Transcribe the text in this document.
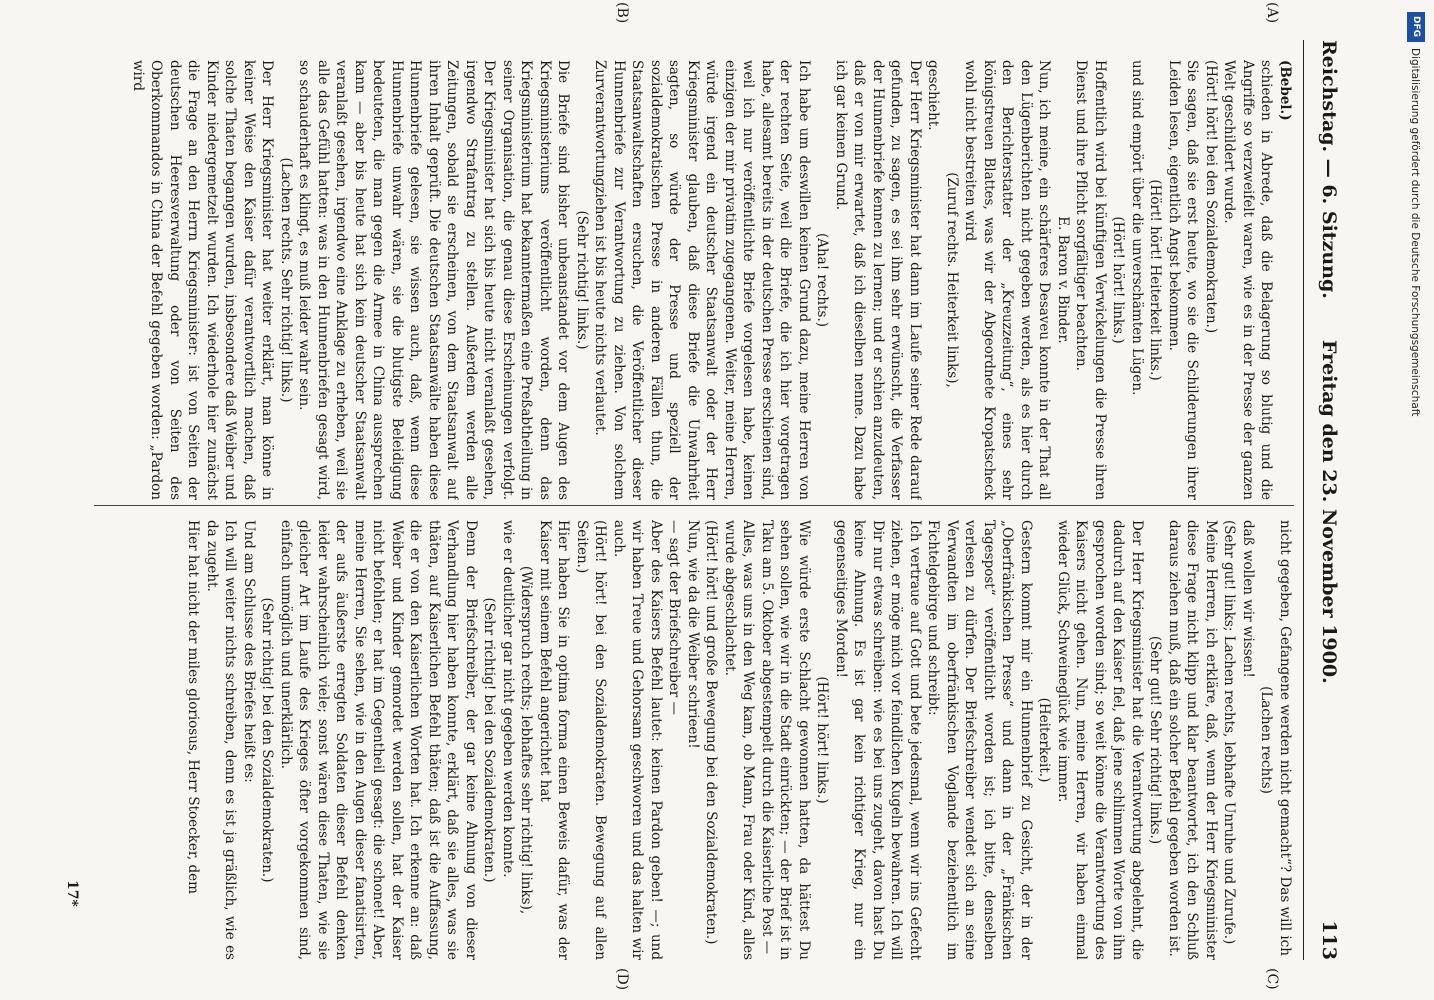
Reichstag. — 6. Sitzung.
Freitag den 23. November 1900.
113
(A)
(B)
(C)
(D)

(Bebel.)

schieden in Abrede, daß die Belagerung so blutig und die Angriffe so verzweifelt waren, wie es in der Presse der ganzen Welt geschildert wurde.

(Hört! hört! bei den Sozialdemokraten.)

Sie sagen, daß sie erst heute, wo sie die Schilderungen ihrer Leiden lesen, eigentlich Angst bekommen.

(Hört! hört! Heiterkeit links.)

und sind empört über die unverschämten Lügen.

(Hört! hört! links.)

Hoffentlich wird bei künftigen Verwickelungen die Presse ihren Dienst und ihre Pflicht sorgfältiger beachten.

E. Baron v. Binder.

Nun, ich meine, ein schärferes Desaveu konnte in der That all den Lügenberichten nicht gegeben werden, als es hier durch den Berichterstatter der „Kreuzzeitung“, eines sehr königstreuen Blattes, was wir der Abgeordnete Kropatscheck wohl nicht bestreiten wird

(Zuruf rechts. Heiterkeit links),

geschieht.

Der Herr Kriegsminister hat dann im Laufe seiner Rede darauf gefunden, zu sagen, es sei ihm sehr erwünscht, die Verfasser der Hunnenbriefe kennen zu lernen; und er schien anzudeuten, daß er von mir erwartet, daß ich dieselben nenne. Dazu habe ich gar keinen Grund.

(Aha! rechts.)

Ich habe um deswillen keinen Grund dazu, meine Herren von der rechten Seite, weil die Briefe, die ich hier vorgetragen habe, allesamt bereits in der deutschen Presse erschienen sind, weil ich nur veröffentlichte Briefe vorgelesen habe, keinen einzigen der mir privatim zugegangenen. Weiter, meine Herren, würde irgend ein deutscher Staatsanwalt oder der Herr Kriegsminister glauben, daß diese Briefe die Unwahrheit sagten, so würde der Presse und speziell der sozialdemokratischen Presse in anderen Fällen thun, die Staatsanwaltschaften ersuchen, die Veröffentlicher dieser Hunnenbriefe zur Verantwortung zu ziehen. Von solchem Zurverantwortungziehen ist bis heute nichts verlautet.

(Sehr richtig! links.)

Die Briefe sind bisher unbeanstandet vor dem Augen des Kriegsministeriums veröffentlicht worden, denn das Kriegsministerium hat bekanntermaßen eine Preßabtheilung in seiner Organisation, die genau diese Erscheinungen verfolgt. Der Kriegsminister hat sich bis heute nicht veranlaßt gesehen, irgendwo Strafantrag zu stellen. Außerdem werden alle Zeitungen, sobald sie erscheinen, von dem Staatsanwalt auf ihren Inhalt geprüft. Die deutschen Staatsanwälte haben diese Hunnenbriefe gelesen, sie wissen auch, daß, wenn diese Hunnenbriefe unwahr wären, sie die blutigste Beleidigung bedeuteten, die man gegen die Armee in China aussprechen kann — aber bis heute hat sich kein deutscher Staatsanwalt veranlaßt gesehen, irgendwo eine Anklage zu erheben, weil sie alle das Gefühl hatten: was in den Hunnenbriefen gesagt wird, so schauderhaft es klingt, es muß leider wahr sein.

(Lachen rechts. Sehr richtig! links.)

Der Herr Kriegsminister hat weiter erklärt, man könne in keiner Weise den Kaiser dafür verantwortlich machen, daß solche Thaten begangen wurden, insbesondere daß Weiber und Kinder niedergemetzelt wurden. Ich wiederhole hier zunächst die Frage an den Herrn Kriegsminister: ist von Seiten der deutschen Heeresverwaltung oder von Seiten des Oberkommandos in China der Befehl gegeben worden: „Pardon wird

nicht gegeben, Gefangene werden nicht gemacht“? Das will ich

(Lachen rechts)

daß wollen wir wissen!

(Sehr gut! links; Lachen rechts, lebhafte Unruhe und Zurufe.)

Meine Herren, ich erkläre, daß, wenn der Herr Kriegsminister diese Frage nicht klipp und klar beantwortet, ich den Schluß daraus ziehen muß, daß ein solcher Befehl gegeben worden ist.

(Sehr gut! Sehr richtig! links.)

Der Herr Kriegsminister hat die Verantwortung abgelehnt, die dadurch auf den Kaiser fiel, daß jene schlimmen Worte von ihm gesprochen worden sind; so weit könne die Verantwortung des Kaisers nicht gehen. Nun, meine Herren, wir haben einmal wieder Glück, Schweineglück wie immer.

(Heiterkeit.)

Gestern kommt mir ein Hunnenbrief zu Gesicht, der in der „Oberfränkischen Presse“ und dann in der „Fränkischen Tagespost“ veröffentlicht worden ist; ich bitte, denselben verlesen zu dürfen. Der Briefschreiber wendet sich an seine Verwandten im oberfränkischen Voglande beziehentlich im Fichtelgebirge und schreibt:

Ich vertraue auf Gott und bete jedesmal, wenn wir ins Gefecht ziehen, er möge mich vor feindlichen Kugeln bewahren. Ich will Dir nur etwas schreiben: wie es bei uns zugeht, davon hast Du keine Ahnung. Es ist gar kein richtiger Krieg, nur ein gegenseitiges Morden!

(Hört! hört! links.)

Wie würde erste Schlacht gewonnen hatten, da hättest Du sehen sollen, wie wir in die Stadt einrückten; — der Brief ist in Taku am 5. Oktober abgestempelt durch die Kaiserliche Post —

Alles, was uns in den Weg kam, ob Mann, Frau oder Kind, alles wurde abgeschlachtet.

(Hört! hört! und große Bewegung bei den Sozialdemokraten.)

Nun, wie da die Weiber schrieen!

— sagt der Briefschreiber —

Aber des Kaisers Befehl lautet: keinen Pardon geben! —; und wir haben Treue und Gehorsam geschworen und das halten wir auch.

(Hört! hört! bei den Sozialdemokraten. Bewegung auf allen Seiten.)

Hier haben Sie in optima forma einen Beweis dafür, was der Kaiser mit seinem Befehl angerichtet hat

(Widerspruch rechts; lebhaftes sehr richtig! links),

wie er deutlicher gar nicht gegeben werden konnte.

(Sehr richtig! bei den Sozialdemokraten.)

Denn der Briefschreiber, der gar keine Ahnung von dieser Verhandlung hier haben konnte, erklärt, daß sie alles, was sie thäten, auf Kaiserlichen Befehl thäten; daß ist die Auffassung, die er von den Kaiserlichen Worten hat. Ich erkenne an: daß Weiber und Kinder gemordet werden sollen, hat der Kaiser nicht befohlen; er hat im Gegentheil gesagt: die schonet! Aber, meine Herren, Sie sehen, wie in den Augen dieser fanatisirten, der aufs äußerste erregten Soldaten dieser Befehl denken leider wahrscheinlich viele; sonst wären diese Thaten, wie sie gleicher Art im Laufe des Krieges öfter vorgekommen sind, einfach unmöglich und unerklärlich.

(Sehr richtig! bei den Sozialdemokraten.)

Und am Schlusse des Briefes heißt es:

Ich will weiter nichts schreiben, denn es ist ja gräßlich, wie es da zugeht.

Hier hat nicht der miles gloriosus, Herr Stoecker, dem

17*
DFG
Digitalisierung gefördert durch die Deutsche Forschungsgemeinschaft
